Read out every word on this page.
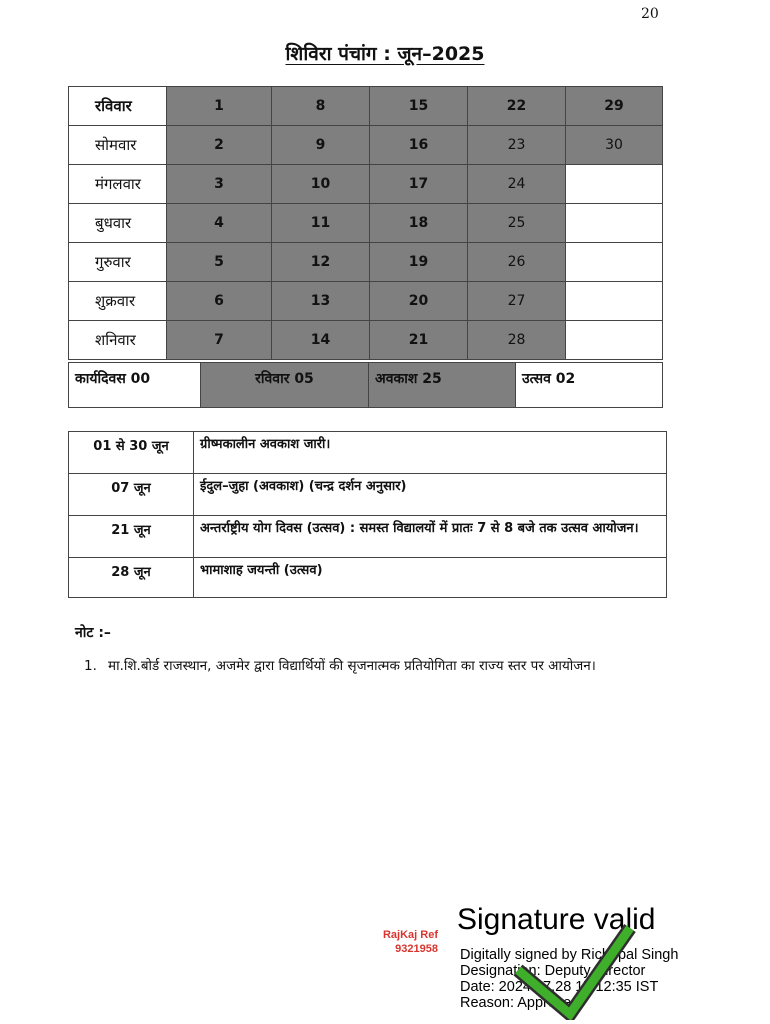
20
शिविरा पंचांग : जून–2025
रविवार	1	8	15	22	29
सोमवार	2	9	16	23	30
मंगलवार	3	10	17	24	
बुधवार	4	11	18	25	
गुरुवार	5	12	19	26	
शुक्रवार	6	13	20	27	
शनिवार	7	14	21	28	
कार्यदिवस 00	रविवार 05	अवकाश 25	उत्सव 02
01 से 30 जून	ग्रीष्मकालीन अवकाश जारी।
07 जून	ईदुल–जुहा (अवकाश) (चन्द्र दर्शन अनुसार)
21 जून	अन्तर्राष्ट्रीय योग दिवस (उत्सव) : समस्त विद्यालयों में प्रातः 7 से 8 बजे तक उत्सव आयोजन।
28 जून	भामाशाह जयन्ती (उत्सव)
नोट :–
1. मा.शि.बोर्ड राजस्थान, अजमेर द्वारा विद्यार्थियों की सृजनात्मक प्रतियोगिता का राज्य स्तर पर आयोजन।
RajKaj Ref
9321958
Signature valid
Digitally signed by Richhpal Singh
Designation: Deputy Director
Date: 2024.07.28 17:12:35 IST
Reason: Approved
